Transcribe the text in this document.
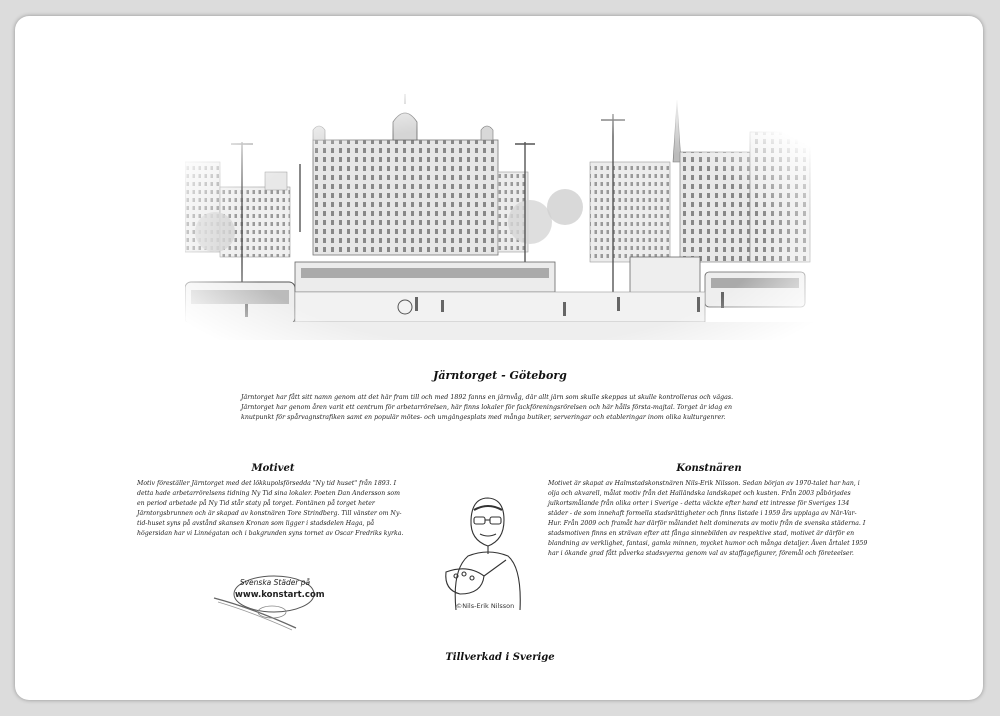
Järntorget - Göteborg
Järntorget har fått sitt namn genom att det här fram till och med 1892 fanns en järnvåg, där allt järn som skulle skeppas ut skulle kontrolleras och vägas. Järntorget har genom åren varit ett centrum för arbetarrörelsen, här finns lokaler för fackföreningsrörelsen och här hålls första-majtal. Torget är idag en knutpunkt för spårvagnstrafiken samt en populär mötes- och umgängesplats med många butiker, serveringar och etableringar inom olika kulturgenrer.
Motivet
Motiv föreställer Järntorget med det lökkupolsförsedda "Ny tid huset" från 1893. I detta hade arbetarrörelsens tidning Ny Tid sina lokaler. Poeten Dan Andersson som en period arbetade på Ny Tid står staty på torget. Fontänen på torget heter Järntorgsbrunnen och är skapad av konstnären Tore Strindberg. Till vänster om Ny-tid-huset syns på avstånd skansen Kronan som ligger i stadsdelen Haga, på högersidan har vi Linnégatan och i bakgrunden syns tornet av Oscar Fredriks kyrka.
Konstnären
Motivet är skapat av Halmstadskonstnären Nils-Erik Nilsson. Sedan början av 1970-talet har han, i olja och akvarell, målat motiv från det Halländska landskapet och kusten. Från 2003 påbörjades julkortsmålande från olika orter i Sverige - detta väckte efter hand ett intresse för Sveriges 134 städer - de som innehaft formella stadsrättigheter och finns listade i 1959 års upplaga av När-Var-Hur. Från 2009 och framåt har därför målandet helt dominerats av motiv från de svenska städerna. I stadsmotiven finns en strävan efter att fånga sinnebilden av respektive stad, motivet är därför en blandning av verklighet, fantasi, gamla minnen, mycket humor och många detaljer. Även årtalet 1959 har i ökande grad fått påverka stadsvyerna genom val av staffagefigurer, föremål och företeelser.
©Nils-Erik Nilsson
Svenska Städer på
www.konstart.com
Tillverkad i Sverige
